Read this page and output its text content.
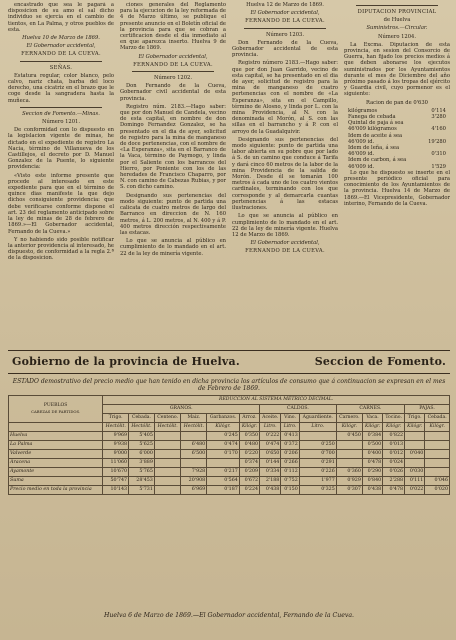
encastrado que sea le pagará a disposicion de su amo el sal dicho individuo se ejercia en el cambio de tientos, en La Palma, y otros pueblos de esta.

Huelva 10 de Marzo de 1869.

El Gobernador accidental,

FERNANDO DE LA CUEVA.

SEÑAS.

Estatura regular, color blanco, pelo calvo, nariz chata, barba del loco derecho, una cicatriz en el brazo que le coge desde la sangradera hasta la muñeca.

Seccion de Fomento.—Minas.

Número 1201.

De conformidad con lo dispuesto en la legislacion vigente de minas, he dictado en el expediente de registro La Nacia, término de Villanueva de los Castillejos, el decreto por D. Manuel Gonzalez de la Puente, lo siguiente providencia:

«Visto este informe presente que procede al interesado en este expediente para que en el término de quince dias manifeste la que dejo dichos consiguiente providencia: que debe verificarse conforme dispone el art. 23 del reglamento anticipado sobre la ley de minas de 28 de febrero de 1869.»—El Gobernador accidental, Fernando de la Cueva.»

Y no habiendo sido posible notificar la anterior providencia al interesado, he dispuesto, de conformidad a la regla 2.ª de la disposicion.

ciones generales del Reglamento para la ejecucion de la ley reformada de 4 de Marzo último, se publique el presente anuncio en el Boletín oficial de la provincia para que se cobran a certificacion desde el día inmediato al en que aparezca inserto. Huelva 9 de Marzo de 1869.

El Gobernador accidental,

FERNANDO DE LA CUEVA.

Número 1202.

Don Fernando de la Cueva, Gobernador civil accidental de esta provincia.

Registro núm. 2183.—Hago saber: que por don Manuel de Candela, vecino de esta capital, en nombre de don Domingo Fernandez Gonzalez, se ha presentado en el dia de ayer, solicitud de registro para la mina de manganeso de doce pertenencias, con el nombre de «La Esperanza», sita en el Barranco de la Vaca, término de Paymogo, y linda por el Saliente con los barrancos del Hierro, por Poniente con los de las heredades de Francisco Chaparro, por N. con camino de Cabezas Rubias, y por S. con dicho camino.

Designando sus pertenencias del modo siguiente: punto de partida una calicata de cuatro metros de largo del Barranco en direccion de N. 160 metros, á L. 200 metros, al N. 400 y á P. 400 metros dirección respectivamente las estacas.

Lo que se anuncia al público en cumplimiento de lo mandado en el art. 22 de la ley de minería vigente.

Huelva 12 de Marzo de 1869.

El Gobernador accidental,

FERNANDO DE LA CUEVA.

Número 1203.

Don Fernando de la Cueva, Gobernador accidental de esta provincia.

Registro número 2183.—Hago saber: que por don Juan Garrido, vecino de esta capital, se ha presentado en el dia de ayer, solicitud de registro para la mina de manganeso de cuatro pertenencias con el nombre de «La Esperanza», sita en el Campillo, término de Alosno, y linda por L. con la mina Providencia, al N. con la denominada el Morón, al S. con las sillas en el barrancho y á P. con el arroyo de la Guadalquivir.

Designando sus pertenencias del modo siguiente: punto de partida una labor abierta en su pobre que por lado á S. de un camino que conduce á Tarifa y dará cinco 60 metros de la labor de la mina Providencia de la salida de Morón. Desde él se tomarán 100 metros á cada uno de los cuatro vientos cardinales, terminando con los que corresponde y al demarcarla cuantas pertenencias á las estacas ilustraciones.

Lo que se anuncia al público en cumplimiento de lo mandado en el art. 22 de la ley de minería vigente. Huelva 12 de Marzo de 1869.

El Gobernador accidental,

FERNANDO DE LA CUEVA.

DIPUTACION PROVINCIAL

de Huelva

Suministros.—Circular.

Número 1204.

La Excma. Diputacion de esta provincia, en sesion del Consorcio de Guerra, han fijado los precios medios á que deben abonarse los ejecutos suministrados por los Ayuntamientos durante el mes de Diciembre del año próximo pasado á los tropas del ejército y Guardia civil, cuyo pormenor es el siguiente:

Racion de pan de 0'630

kilógramos	0'114
Fanega de cebada	3'280
Quintal de paja á sea
46'009 kilógramos	4'160
Idem de aceite á sea
46'009 id.	19'280
Idem de leña, á sea
46'009 id.	0'310
Idem de carbon, á sea
46'009 id.	1'529

Lo que he dispuesto se inserte en el presente periódico oficial para conocimiento de los Ayuntamientos de la provincia. Huelva 14 de Marzo de 1869.—El Vicepresidente, Gobernador interino, Fernando de la Cueva.

Gobierno de la provincia de Huelva.	Seccion de Fomento.
ESTADO demostrativo del precio medio que han tenido en dicha provincia los artículos de consumo que á continuacion se expresan en el mes de Febrero de 1869.
PUEBLOS
CABEZAS DE PARTIDOS.	REDUCCION AL SISTEMA MÉTRICO DECIMAL.													
	GRANOS.						CALDOS.			CARNES.			PAJAS.	
	Trigo.	Cebada.	Centeno.	Maiz.	Garbanzos.	Arroz.	Aceite.	Vino.	Aguardiente.	Carnero.	Vaca.	Tocino.	Trigo.	Cebada.
	Hectólit.	Hectólit.	Hectólit.	Hectólit.	Kilógr.	Kilógr.	Litro.	Litro.	Litro.	Kilógr.	Kilógr.	Kilógr.	Kilógr.	Kilógr.
Huelva	9'969	5'405			0'245	0'350	0'222	0'413		0'450	0'384	0'822		
La Palma	9'938	5'625		6'480	0'474	0'480	0'474	0'372	0'250		0'500	0'013		
Valverde	9'000	6'000		6'500	0'170	0'220	0'650	0'206	0'700		0'400	0'012	0'040	
Aracena	11'060	3'889				0'374	0'144	0'266	0'291		0'478	0'024		
Ayamonte	10'670	5'765		7'928	0'217	0'209	0'334	0'112	0'226	0'360	0'290	0'026	0'030	
Suma	50'747	28'453		20'908	0'564	0'672	2'188	0'752	1'977	0'929	0'840	2'288	0'111	0'046
Precio medio en toda la provincia	10'143	5'731		6'969	0'187	0'224	0'438	0'150	0'325	0'307	0'438	0'478	0'022	0'020
Huelva 6 de Marzo de 1869.—El Gobernador accidental, Fernando de la Cueva.
